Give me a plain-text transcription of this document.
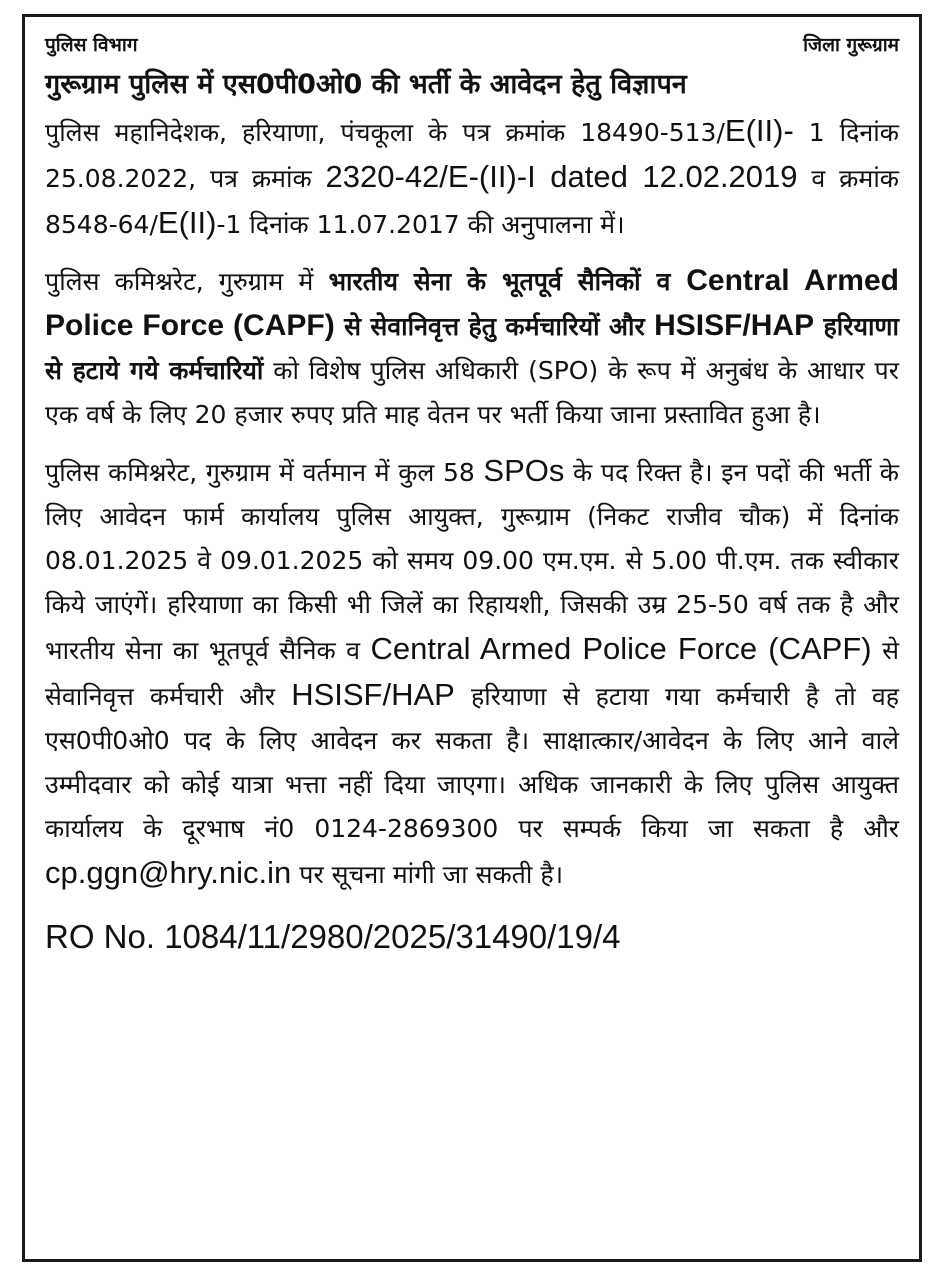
पुलिस विभाग	जिला गुरूग्राम
गुरूग्राम पुलिस में एस0पी0ओ0 की भर्ती के आवेदन हेतु विज्ञापन

पुलिस महानिदेशक, हरियाणा, पंचकूला के पत्र क्रमांक 18490-513/E(II)- 1 दिनांक 25.08.2022, पत्र क्रमांक 2320-42/E-(II)-I dated 12.02.2019 व क्रमांक 8548-64/E(II)-1 दिनांक 11.07.2017 की अनुपालना में।

पुलिस कमिश्नरेट, गुरुग्राम में भारतीय सेना के भूतपूर्व सैनिकों व Central Armed Police Force (CAPF) से सेवानिवृत्त हेतु कर्मचारियों और HSISF/HAP हरियाणा से हटाये गये कर्मचारियों को विशेष पुलिस अधिकारी (SPO) के रूप में अनुबंध के आधार पर एक वर्ष के लिए 20 हजार रुपए प्रति माह वेतन पर भर्ती किया जाना प्रस्तावित हुआ है।

पुलिस कमिश्नरेट, गुरुग्राम में वर्तमान में कुल 58 SPOs के पद रिक्त है। इन पदों की भर्ती के लिए आवेदन फार्म कार्यालय पुलिस आयुक्त, गुरूग्राम (निकट राजीव चौक) में दिनांक 08.01.2025 वे 09.01.2025 को समय 09.00 एम.एम. से 5.00 पी.एम. तक स्वीकार किये जाएंगें। हरियाणा का किसी भी जिलें का रिहायशी, जिसकी उम्र 25-50 वर्ष तक है और भारतीय सेना का भूतपूर्व सैनिक व Central Armed Police Force (CAPF) से सेवानिवृत्त कर्मचारी और HSISF/HAP हरियाणा से हटाया गया कर्मचारी है तो वह एस0पी0ओ0 पद के लिए आवेदन कर सकता है। साक्षात्कार/आवेदन के लिए आने वाले उम्मीदवार को कोई यात्रा भत्ता नहीं दिया जाएगा। अधिक जानकारी के लिए पुलिस आयुक्त कार्यालय के दूरभाष नं0 0124-2869300 पर सम्पर्क किया जा सकता है और cp.ggn@hry.nic.in पर सूचना मांगी जा सकती है।

RO No. 1084/11/2980/2025/31490/19/4
